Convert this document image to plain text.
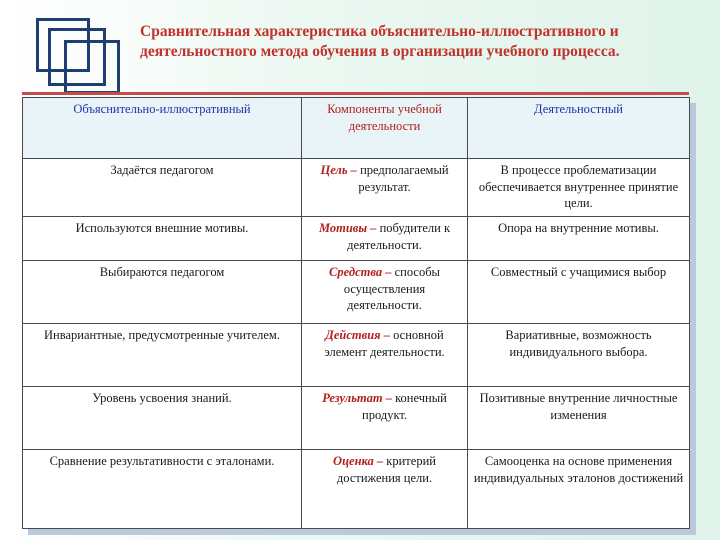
Сравнительная характеристика объяснительно-иллюстративного и деятельностного метода обучения в организации учебного процесса.
Объяснительно-иллюстративный	Компоненты учебной деятельности	Деятельностный
Задаётся педагогом	Цель – предполагаемый результат.	В процессе проблематизации обеспечивается внутреннее принятие цели.
Используются внешние мотивы.	Мотивы – побудители к деятельности.	Опора на внутренние мотивы.
Выбираются педагогом	Средства – способы осуществления деятельности.	Совместный с учащимися выбор
Инвариантные, предусмотренные учителем.	Действия – основной элемент деятельности.	Вариативные, возможность индивидуального выбора.
Уровень усвоения знаний.	Результат – конечный продукт.	Позитивные внутренние личностные изменения
Сравнение результативности с эталонами.	Оценка – критерий достижения цели.	Самооценка на основе применения индивидуальных эталонов достижений
